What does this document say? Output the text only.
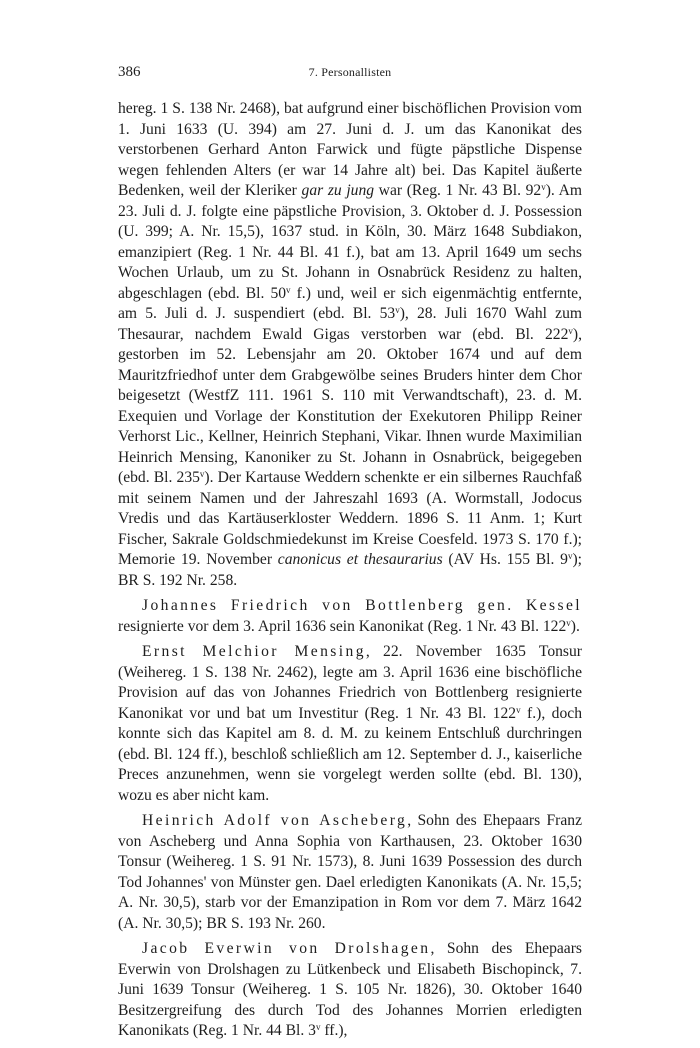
386	7. Personallisten

hereg. 1 S. 138 Nr. 2468), bat aufgrund einer bischöflichen Provision vom 1. Juni 1633 (U. 394) am 27. Juni d. J. um das Kanonikat des verstorbenen Gerhard Anton Farwick und fügte päpstliche Dispense wegen fehlenden Alters (er war 14 Jahre alt) bei. Das Kapitel äußerte Bedenken, weil der Kleriker gar zu jung war (Reg. 1 Nr. 43 Bl. 92$^v$). Am 23. Juli d. J. folgte eine päpstliche Provision, 3. Oktober d. J. Possession (U. 399; A. Nr. 15,5), 1637 stud. in Köln, 30. März 1648 Subdiakon, emanzipiert (Reg. 1 Nr. 44 Bl. 41 f.), bat am 13. April 1649 um sechs Wochen Urlaub, um zu St. Johann in Osnabrück Residenz zu halten, abgeschlagen (ebd. Bl. 50$^v$ f.) und, weil er sich eigenmächtig entfernte, am 5. Juli d. J. suspendiert (ebd. Bl. 53$^v$), 28. Juli 1670 Wahl zum Thesaurar, nachdem Ewald Gigas verstorben war (ebd. Bl. 222$^v$), gestorben im 52. Lebensjahr am 20. Oktober 1674 und auf dem Mauritzfriedhof unter dem Grabgewölbe seines Bruders hinter dem Chor beigesetzt (WestfZ 111. 1961 S. 110 mit Verwandtschaft), 23. d. M. Exequien und Vorlage der Konstitution der Exekutoren Philipp Reiner Verhorst Lic., Kellner, Heinrich Stephani, Vikar. Ihnen wurde Maximilian Heinrich Mensing, Kanoniker zu St. Johann in Osnabrück, beigegeben (ebd. Bl. 235$^v$). Der Kartause Weddern schenkte er ein silbernes Rauchfaß mit seinem Namen und der Jahreszahl 1693 (A. Wormstall, Jodocus Vredis und das Kartäuserkloster Weddern. 1896 S. 11 Anm. 1; Kurt Fischer, Sakrale Goldschmiedekunst im Kreise Coesfeld. 1973 S. 170 f.); Memorie 19. November canonicus et thesaurarius (AV Hs. 155 Bl. 9$^v$); BR S. 192 Nr. 258.

Johannes Friedrich von Bottlenberg gen. Kessel resignierte vor dem 3. April 1636 sein Kanonikat (Reg. 1 Nr. 43 Bl. 122$^v$).

Ernst Melchior Mensing, 22. November 1635 Tonsur (Weihereg. 1 S. 138 Nr. 2462), legte am 3. April 1636 eine bischöfliche Provision auf das von Johannes Friedrich von Bottlenberg resignierte Kanonikat vor und bat um Investitur (Reg. 1 Nr. 43 Bl. 122$^v$ f.), doch konnte sich das Kapitel am 8. d. M. zu keinem Entschluß durchringen (ebd. Bl. 124 ff.), beschloß schließlich am 12. September d. J., kaiserliche Preces anzunehmen, wenn sie vorgelegt werden sollte (ebd. Bl. 130), wozu es aber nicht kam.

Heinrich Adolf von Ascheberg, Sohn des Ehepaars Franz von Ascheberg und Anna Sophia von Karthausen, 23. Oktober 1630 Tonsur (Weihereg. 1 S. 91 Nr. 1573), 8. Juni 1639 Possession des durch Tod Johannes' von Münster gen. Dael erledigten Kanonikats (A. Nr. 15,5; A. Nr. 30,5), starb vor der Emanzipation in Rom vor dem 7. März 1642 (A. Nr. 30,5); BR S. 193 Nr. 260.

Jacob Everwin von Drolshagen, Sohn des Ehepaars Everwin von Drolshagen zu Lütkenbeck und Elisabeth Bischopinck, 7. Juni 1639 Tonsur (Weihereg. 1 S. 105 Nr. 1826), 30. Oktober 1640 Besitzergreifung des durch Tod des Johannes Morrien erledigten Kanonikats (Reg. 1 Nr. 44 Bl. 3$^v$ ff.),
